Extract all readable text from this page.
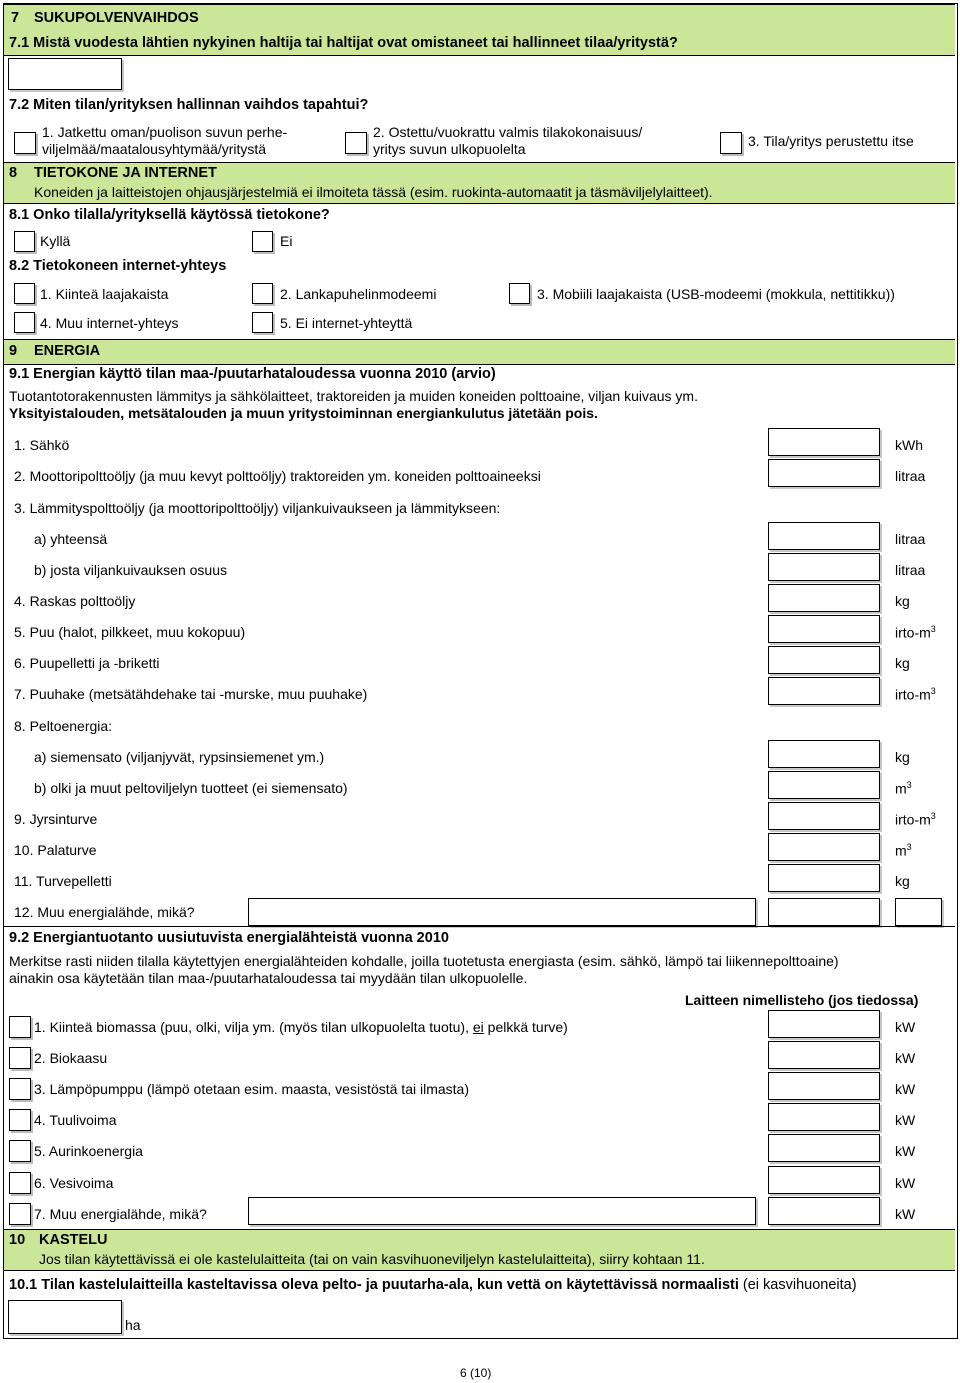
7 SUKUPOLVENVAIHDOS
7.1 Mistä vuodesta lähtien nykyinen haltija tai haltijat ovat omistaneet tai hallinneet tilaa/yritystä?
7.2 Miten tilan/yrityksen hallinnan vaihdos tapahtui?
1. Jatkettu oman/puolison suvun perhe-
viljelmää/maatalousyhtymää/yritystä
2. Ostettu/vuokrattu valmis tilakokonaisuus/
yritys suvun ulkopuolelta	3. Tila/yritys perustettu itse
8 TIETOKONE JA INTERNET
Koneiden ja laitteistojen ohjausjärjestelmiä ei ilmoiteta tässä (esim. ruokinta-automaatit ja täsmäviljelylaitteet).
8.1 Onko tilalla/yrityksellä käytössä tietokone?
Kyllä	Ei
8.2 Tietokoneen internet-yhteys
1. Kiinteä laajakaista	2. Lankapuhelinmodeemi	3. Mobiili laajakaista (USB-modeemi (mokkula, nettitikku))
4. Muu internet-yhteys	5. Ei internet-yhteyttä
9 ENERGIA
9.1 Energian käyttö tilan maa-/puutarhataloudessa vuonna 2010 (arvio)
Tuotantotorakennusten lämmitys ja sähkölaitteet, traktoreiden ja muiden koneiden polttoaine, viljan kuivaus ym.
Yksityistalouden, metsätalouden ja muun yritystoiminnan energiankulutus jätetään pois.
1. Sähkö	kWh
2. Moottoripolttoöljy (ja muu kevyt polttoöljy) traktoreiden ym. koneiden polttoaineeksi	litraa
3. Lämmityspolttoöljy (ja moottoripolttoöljy) viljankuivaukseen ja lämmitykseen:
a) yhteensä	litraa
b) josta viljankuivauksen osuus	litraa
4. Raskas polttoöljy	kg
5. Puu (halot, pilkkeet, muu kokopuu)	irto-$m^3$
6. Puupelletti ja -briketti	kg
7. Puuhake (metsätähdehake tai -murske, muu puuhake)	irto-$m^3$
8. Peltoenergia:
a) siemensato (viljanjyvät, rypsinsiemenet ym.)	kg
b) olki ja muut peltoviljelyn tuotteet (ei siemensato)	$m^3$
9. Jyrsinturve	irto-$m^3$
10. Palaturve	$m^3$
11. Turvepelletti	kg
12. Muu energialähde, mikä?
9.2 Energiantuotanto uusiutuvista energialähteistä vuonna 2010
Merkitse rasti niiden tilalla käytettyjen energialähteiden kohdalle, joilla tuotetusta energiasta (esim. sähkö, lämpö tai liikennepolttoaine)
ainakin osa käytetään tilan maa-/puutarhataloudessa tai myydään tilan ulkopuolelle.
Laitteen nimellisteho (jos tiedossa)
1. Kiinteä biomassa (puu, olki, vilja ym. (myös tilan ulkopuolelta tuotu), ei pelkkä turve)	kW
2. Biokaasu	kW
3. Lämpöpumppu (lämpö otetaan esim. maasta, vesistöstä tai ilmasta)	kW
4. Tuulivoima	kW
5. Aurinkoenergia	kW
6. Vesivoima	kW
7. Muu energialähde, mikä?	kW
10 KASTELU
Jos tilan käytettävissä ei ole kastelulaitteita (tai on vain kasvihuoneviljelyn kastelulaitteita), siirry kohtaan 11.
10.1 Tilan kastelulaitteilla kasteltavissa oleva pelto- ja puutarha-ala, kun vettä on käytettävissä normaalisti (ei kasvihuoneita)
ha
6 (10)
